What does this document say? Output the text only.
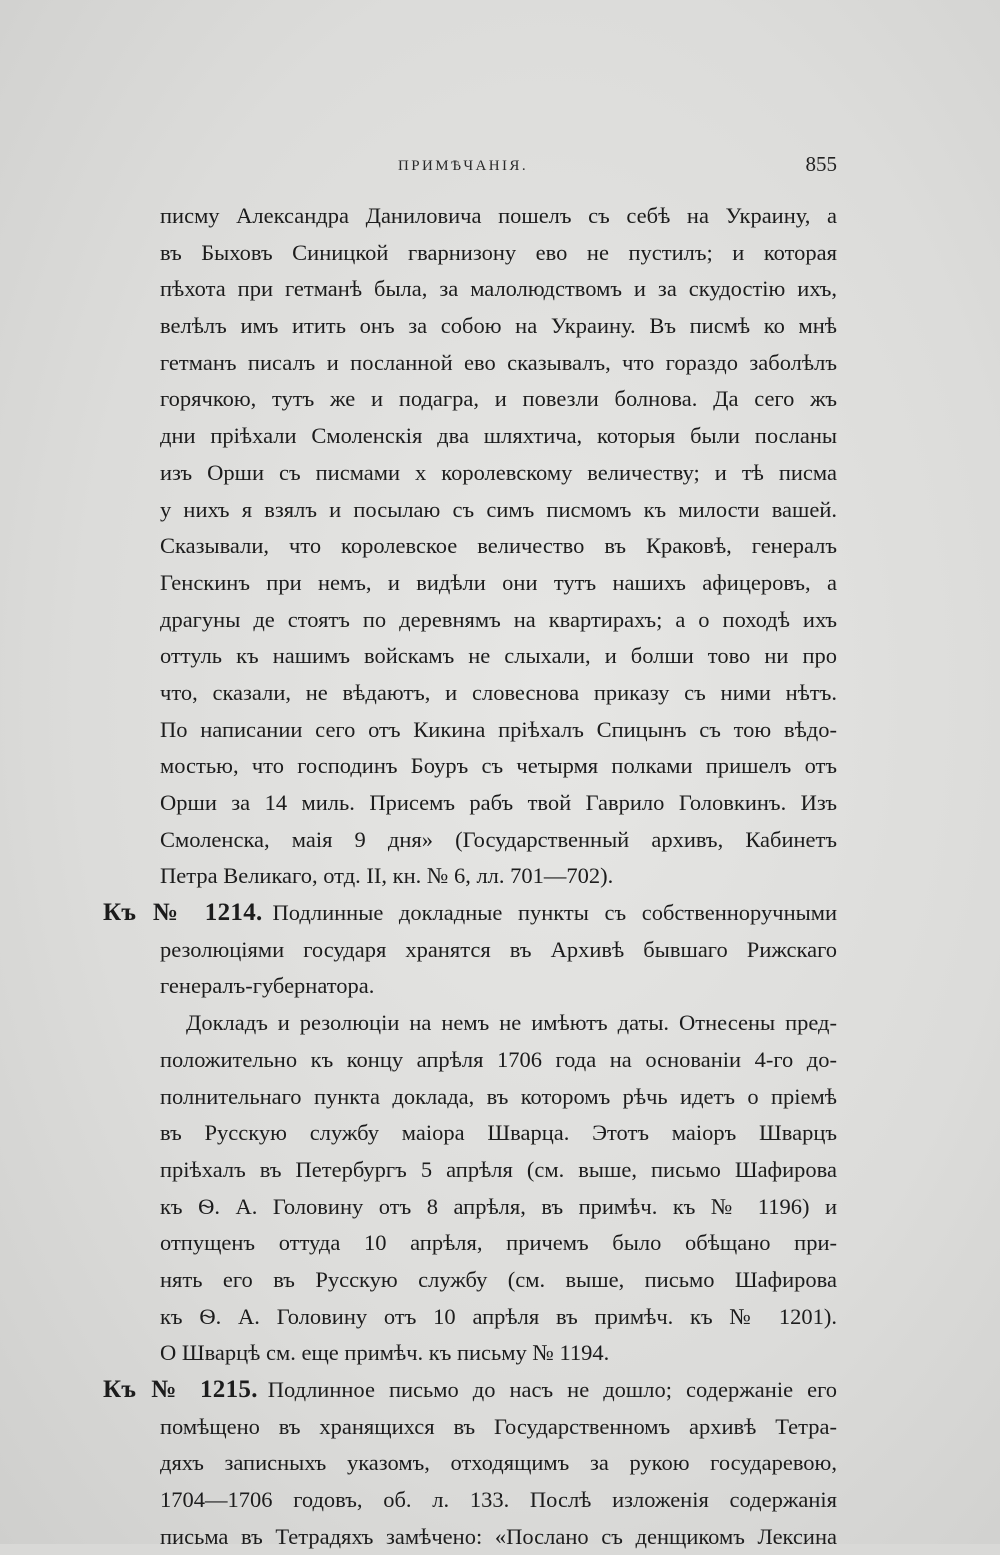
ПРИМѢЧАНІЯ.	855
писму Александра Даниловича пошелъ съ себѣ на Украину, а
въ Быховъ Синицкой гварнизону ево не пустилъ; и которая
пѣхота при гетманѣ была, за малолюдствомъ и за скудостію ихъ,
велѣлъ имъ итить онъ за собою на Украину. Въ писмѣ ко мнѣ
гетманъ писалъ и посланной ево сказывалъ, что гораздо заболѣлъ
горячкою, тутъ же и подагра, и повезли болнова. Да сего жъ
дни пріѣхали Смоленскія два шляхтича, которыя были посланы
изъ Орши съ писмами х королевскому величеству; и тѣ писма
у нихъ я взялъ и посылаю съ симъ писмомъ къ милости вашей.
Сказывали, что королевское величество въ Краковѣ, генералъ
Генскинъ при немъ, и видѣли они тутъ нашихъ афицеровъ, а
драгуны де стоятъ по деревнямъ на квартирахъ; а о походѣ ихъ
оттуль къ нашимъ войскамъ не слыхали, и болши тово ни про
что, сказали, не вѣдаютъ, и словеснова приказу съ ними нѣтъ.
По написании сего отъ Кикина пріѣхалъ Спицынъ съ тою вѣдо-
мостью, что господинъ Боуръ съ четырмя полками пришелъ отъ
Орши за 14 миль. Присемъ рабъ твой Гаврило Головкинъ. Изъ
Смоленска, маія 9 дня» (Государственный архивъ, Кабинетъ
Петра Великаго, отд. II, кн. № 6, лл. 701—702).
Къ № 1214. Подлинные докладные пункты съ собственноручными
резолюціями государя хранятся въ Архивѣ бывшаго Рижскаго
генералъ-губернатора.
Докладъ и резолюціи на немъ не имѣютъ даты. Отнесены пред-
положительно къ концу апрѣля 1706 года на основаніи 4-го до-
полнительнаго пункта доклада, въ которомъ рѣчь идетъ о пріемѣ
въ Русскую службу маіора Шварца. Этотъ маіоръ Шварцъ
пріѣхалъ въ Петербургъ 5 апрѣля (см. выше, письмо Шафирова
къ Ѳ. А. Головину отъ 8 апрѣля, въ примѣч. къ № 1196) и
отпущенъ оттуда 10 апрѣля, причемъ было обѣщано при-
нять его въ Русскую службу (см. выше, письмо Шафирова
къ Ѳ. А. Головину отъ 10 апрѣля въ примѣч. къ № 1201).
О Шварцѣ см. еще примѣч. къ письму № 1194.
Къ № 1215. Подлинное письмо до насъ не дошло; содержаніе его
помѣщено въ хранящихся въ Государственномъ архивѣ Тетра-
дяхъ записныхъ указомъ, отходящимъ за рукою государевою,
1704—1706 годовъ, об. л. 133. Послѣ изложенія содержанія
письма въ Тетрадяхъ замѣчено: «Послано съ денщикомъ Лексина
